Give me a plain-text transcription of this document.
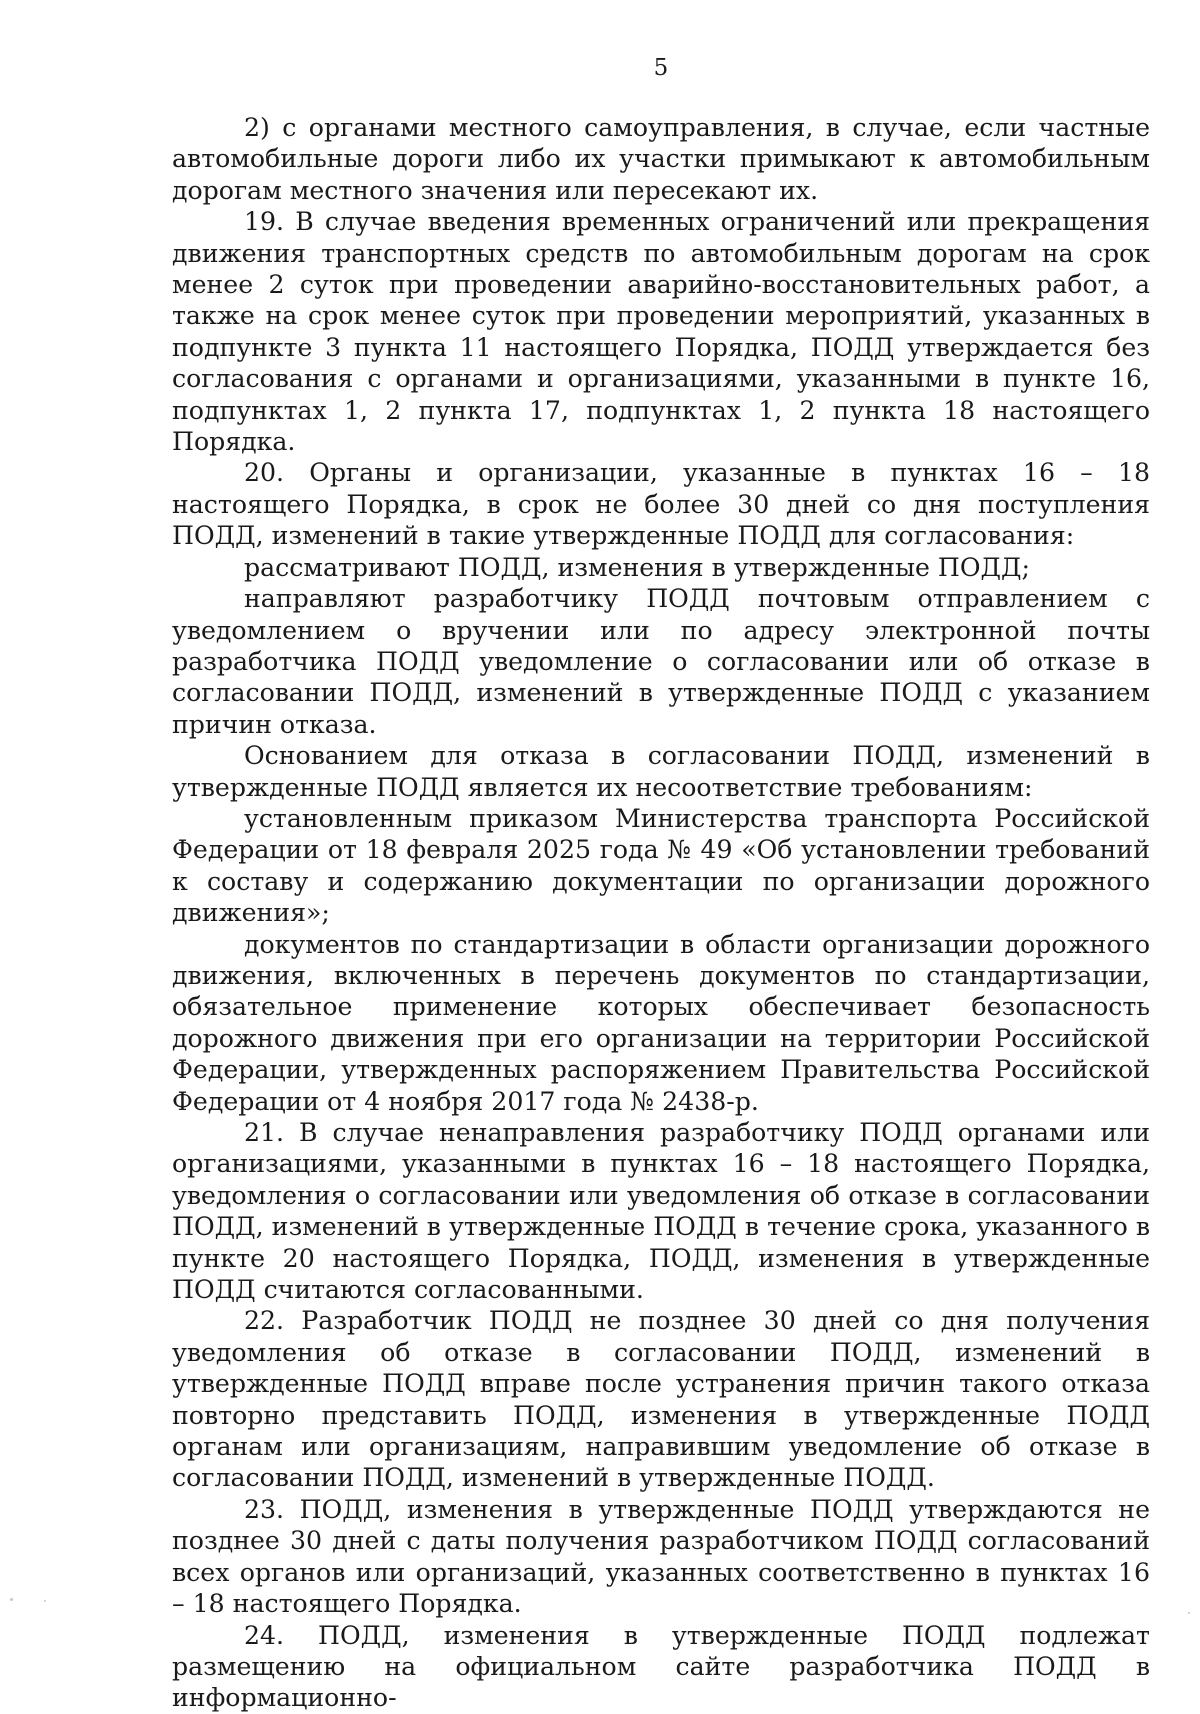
5

2) с органами местного самоуправления, в случае, если частные автомобильные дороги либо их участки примыкают к автомобильным дорогам местного значения или пересекают их.

19. В случае введения временных ограничений или прекращения движения транспортных средств по автомобильным дорогам на срок менее 2 суток при проведении аварийно-восстановительных работ, а также на срок менее суток при проведении мероприятий, указанных в подпункте 3 пункта 11 настоящего Порядка, ПОДД утверждается без согласования с органами и организациями, указанными в пункте 16, подпунктах 1, 2 пункта 17, подпунктах 1, 2 пункта 18 настоящего Порядка.

20. Органы и организации, указанные в пунктах 16 – 18 настоящего Порядка, в срок не более 30 дней со дня поступления ПОДД, изменений в такие утвержденные ПОДД для согласования:

рассматривают ПОДД, изменения в утвержденные ПОДД;

направляют разработчику ПОДД почтовым отправлением с уведомлением о вручении или по адресу электронной почты разработчика ПОДД уведомление о согласовании или об отказе в согласовании ПОДД, изменений в утвержденные ПОДД с указанием причин отказа.

Основанием для отказа в согласовании ПОДД, изменений в утвержденные ПОДД является их несоответствие требованиям:

установленным приказом Министерства транспорта Российской Федерации от 18 февраля 2025 года № 49 «Об установлении требований к составу и содержанию документации по организации дорожного движения»;

документов по стандартизации в области организации дорожного движения, включенных в перечень документов по стандартизации, обязательное применение которых обеспечивает безопасность дорожного движения при его организации на территории Российской Федерации, утвержденных распоряжением Правительства Российской Федерации от 4 ноября 2017 года № 2438-р.

21. В случае ненаправления разработчику ПОДД органами или организациями, указанными в пунктах 16 – 18 настоящего Порядка, уведомления о согласовании или уведомления об отказе в согласовании ПОДД, изменений в утвержденные ПОДД в течение срока, указанного в пункте 20 настоящего Порядка, ПОДД, изменения в утвержденные ПОДД считаются согласованными.

22. Разработчик ПОДД не позднее 30 дней со дня получения уведомления об отказе в согласовании ПОДД, изменений в утвержденные ПОДД вправе после устранения причин такого отказа повторно представить ПОДД, изменения в утвержденные ПОДД органам или организациям, направившим уведомление об отказе в согласовании ПОДД, изменений в утвержденные ПОДД.

23. ПОДД, изменения в утвержденные ПОДД утверждаются не позднее 30 дней с даты получения разработчиком ПОДД согласований всех органов или организаций, указанных соответственно в пунктах 16 – 18 настоящего Порядка.

24. ПОДД, изменения в утвержденные ПОДД подлежат размещению на официальном сайте разработчика ПОДД в информационно-
